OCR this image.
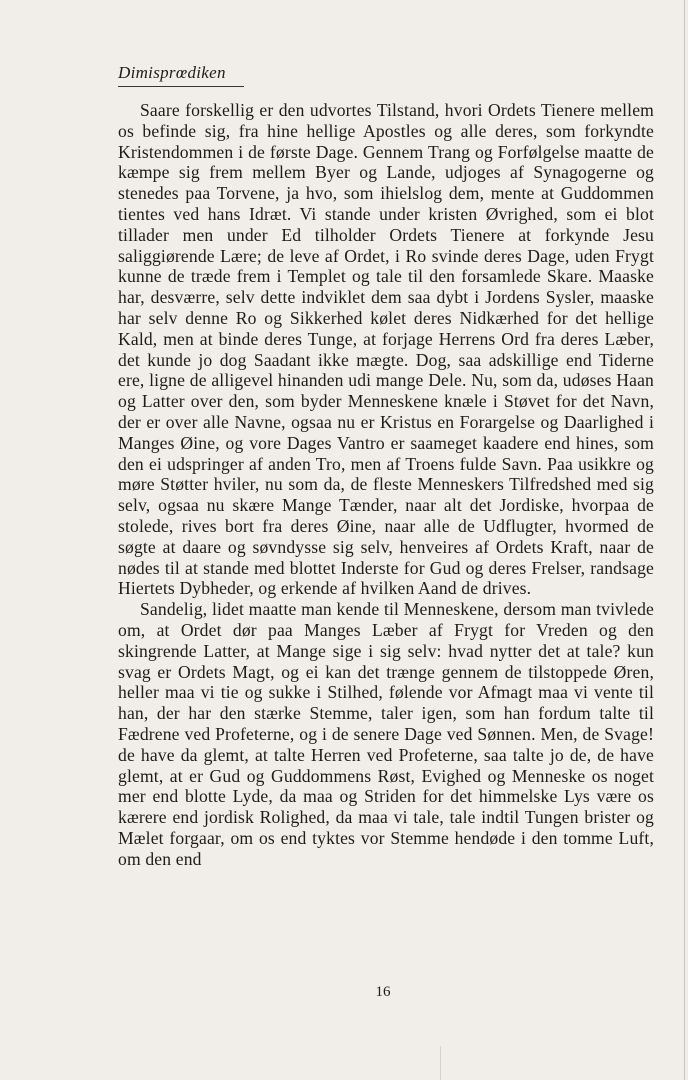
Dimisprœdiken

Saare forskellig er den udvortes Tilstand, hvori Ordets Tienere mellem os befinde sig, fra hine hellige Apostles og alle deres, som forkyndte Kristendommen i de første Dage. Gennem Trang og Forfølgelse maatte de kæmpe sig frem mellem Byer og Lande, udjoges af Synagogerne og stenedes paa Torvene, ja hvo, som ihielslog dem, mente at Guddommen tientes ved hans Idræt. Vi stande under kristen Øvrighed, som ei blot tillader men under Ed tilholder Ordets Tienere at forkynde Jesu saliggiørende Lære; de leve af Ordet, i Ro svinde deres Dage, uden Frygt kunne de træde frem i Templet og tale til den forsamlede Skare. Maaske har, desværre, selv dette indviklet dem saa dybt i Jordens Sysler, maaske har selv denne Ro og Sikkerhed kølet deres Nidkærhed for det hellige Kald, men at binde deres Tunge, at forjage Herrens Ord fra deres Læber, det kunde jo dog Saadant ikke mægte. Dog, saa adskillige end Tiderne ere, ligne de alligevel hinanden udi mange Dele. Nu, som da, udøses Haan og Latter over den, som byder Menneskene knæle i Støvet for det Navn, der er over alle Navne, ogsaa nu er Kristus en Forargelse og Daarlighed i Manges Øine, og vore Dages Vantro er saameget kaadere end hines, som den ei udspringer af anden Tro, men af Troens fulde Savn. Paa usikkre og møre Støtter hviler, nu som da, de fleste Menneskers Tilfredshed med sig selv, ogsaa nu skære Mange Tænder, naar alt det Jordiske, hvorpaa de stolede, rives bort fra deres Øine, naar alle de Udflugter, hvormed de søgte at daare og søvndysse sig selv, henveires af Ordets Kraft, naar de nødes til at stande med blottet Inderste for Gud og deres Frelser, randsage Hiertets Dybheder, og erkende af hvilken Aand de drives.

Sandelig, lidet maatte man kende til Menneskene, dersom man tvivlede om, at Ordet dør paa Manges Læber af Frygt for Vreden og den skingrende Latter, at Mange sige i sig selv: hvad nytter det at tale? kun svag er Ordets Magt, og ei kan det trænge gennem de tilstoppede Øren, heller maa vi tie og sukke i Stilhed, følende vor Afmagt maa vi vente til han, der har den stærke Stemme, taler igen, som han fordum talte til Fædrene ved Profeterne, og i de senere Dage ved Sønnen. Men, de Svage! de have da glemt, at talte Herren ved Profeterne, saa talte jo de, de have glemt, at er Gud og Guddommens Røst, Evighed og Menneske os noget mer end blotte Lyde, da maa og Striden for det himmelske Lys være os kærere end jordisk Rolighed, da maa vi tale, tale indtil Tungen brister og Mælet forgaar, om os end tyktes vor Stemme hendøde i den tomme Luft, om den end

16
